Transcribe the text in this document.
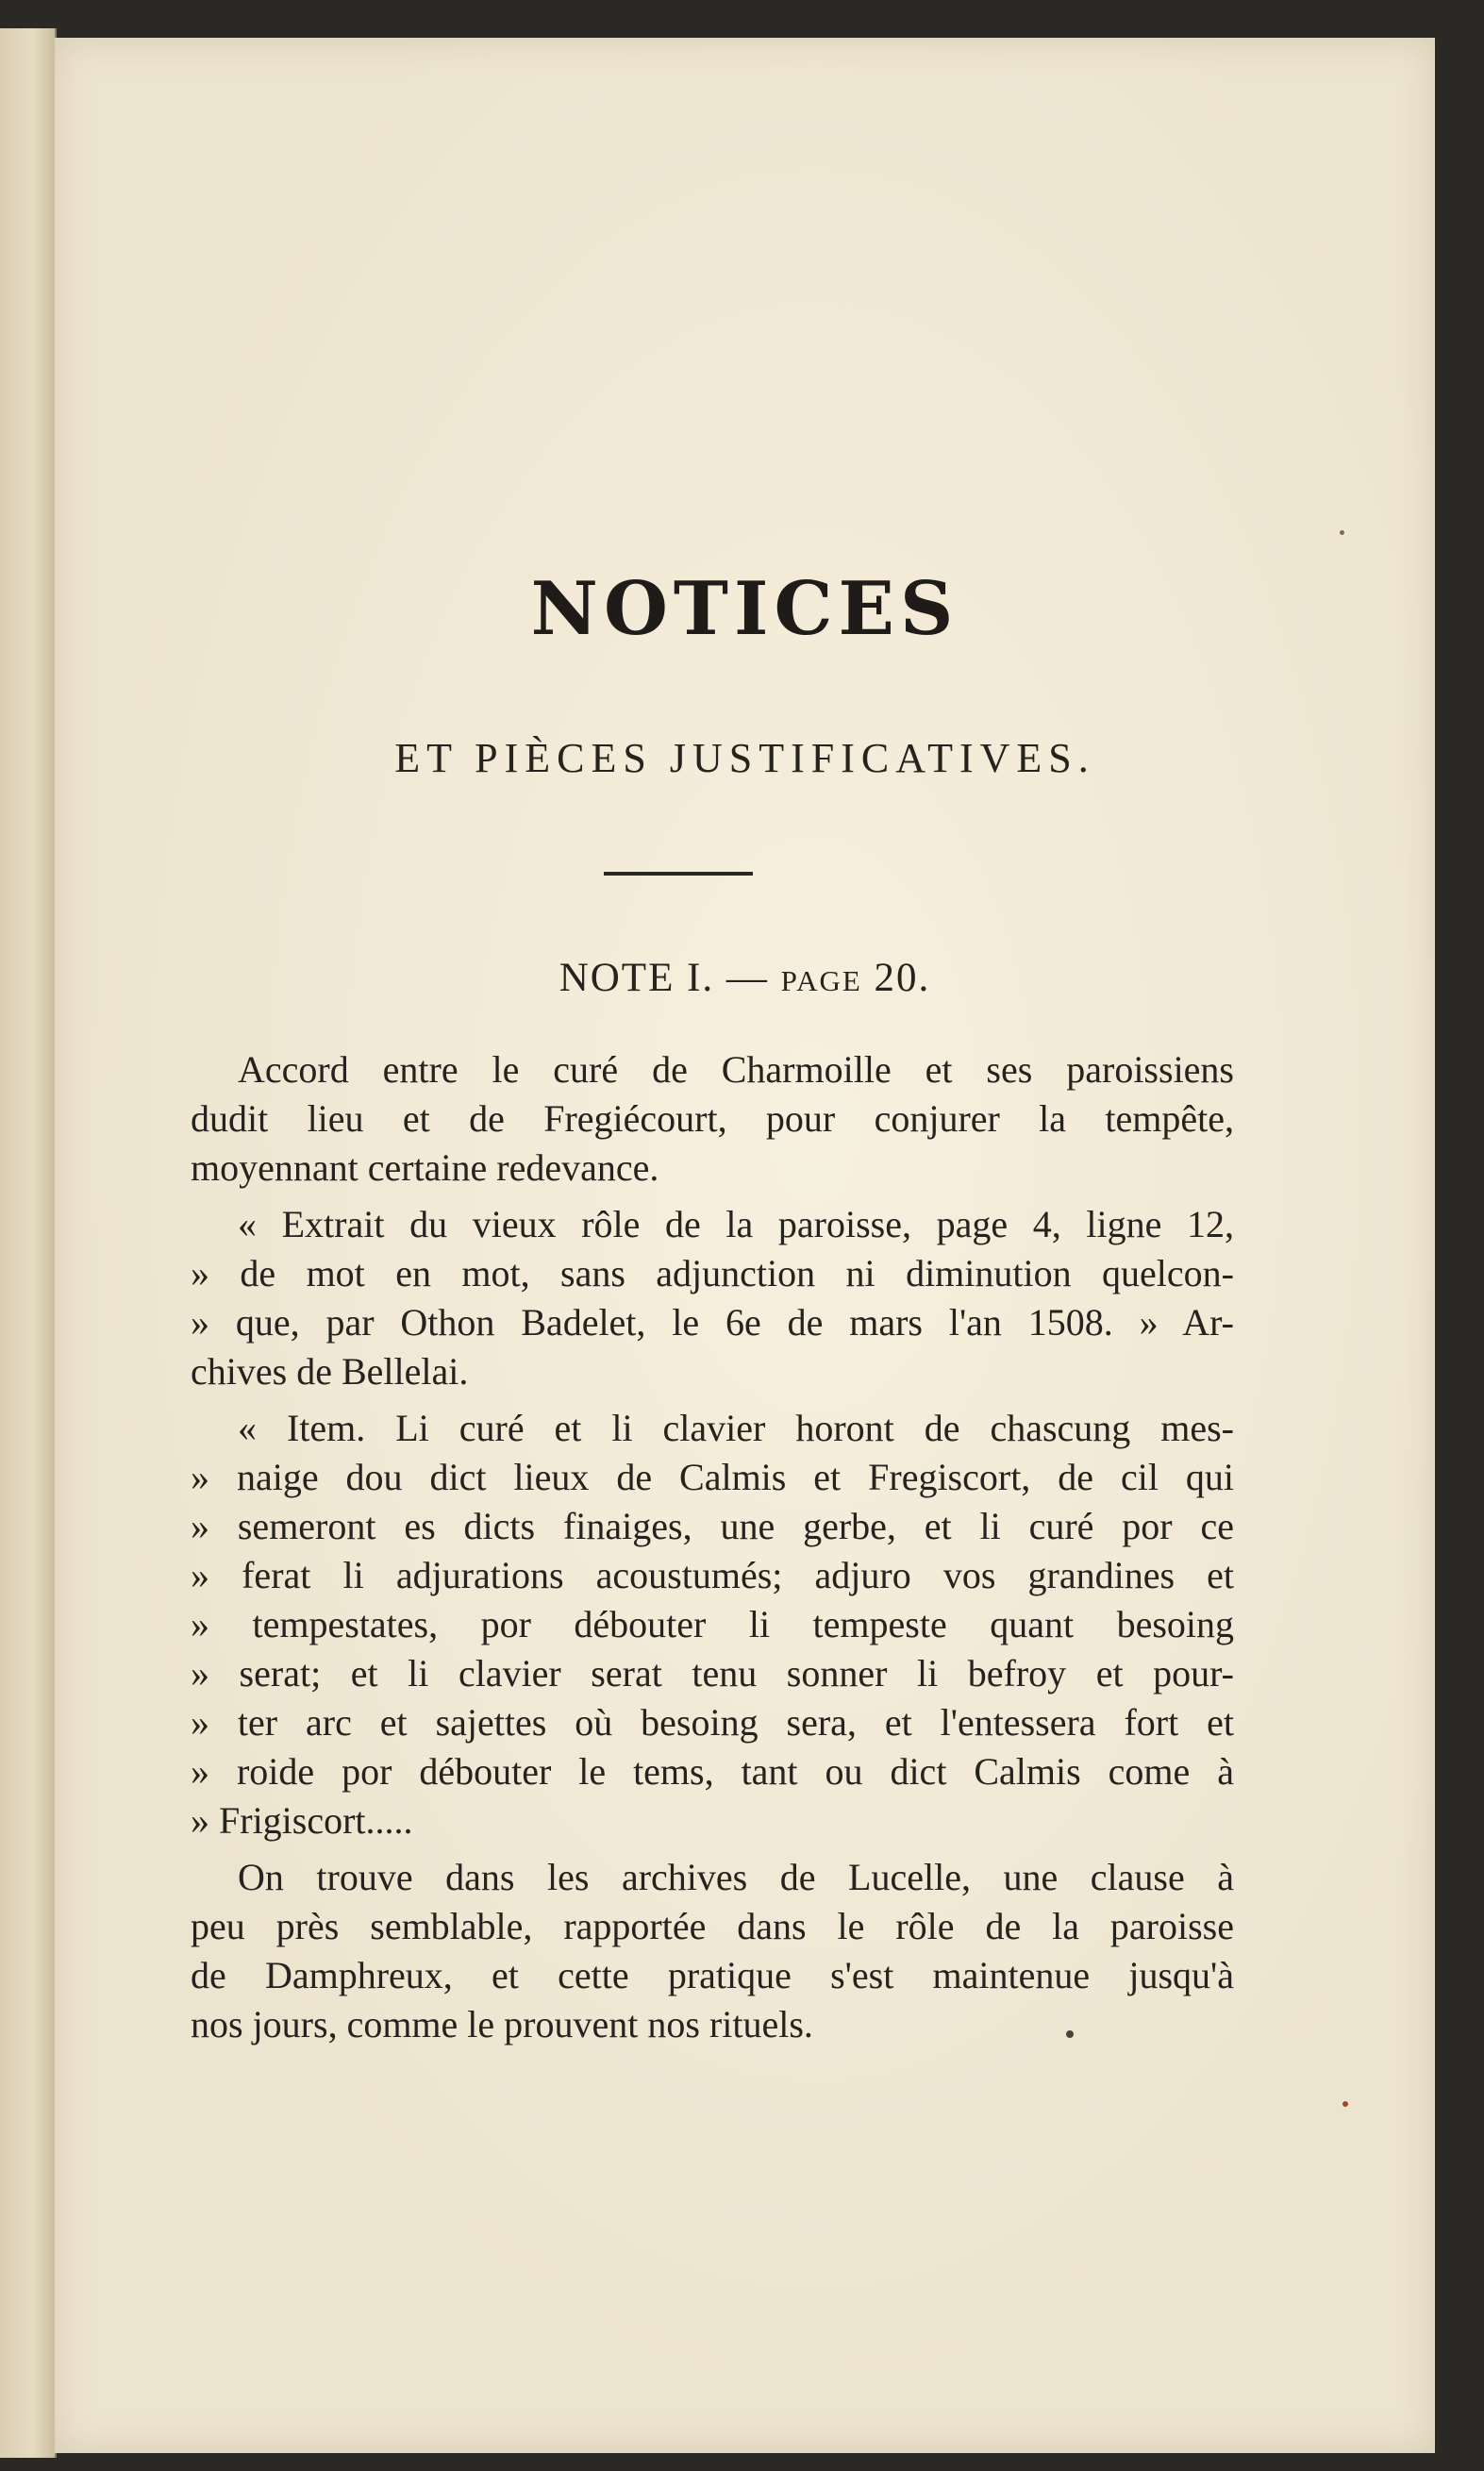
NOTICES
ET PIÈCES JUSTIFICATIVES.
NOTE I. — PAGE 20.

Accord entre le curé de Charmoille et ses paroissiens
dudit lieu et de Fregiécourt, pour conjurer la tempête,
moyennant certaine redevance.

« Extrait du vieux rôle de la paroisse, page 4, ligne 12,
» de mot en mot, sans adjunction ni diminution quelcon-
» que, par Othon Badelet, le 6e de mars l'an 1508. » Ar-
chives de Bellelai.

« Item. Li curé et li clavier horont de chascung mes-
» naige dou dict lieux de Calmis et Fregiscort, de cil qui
» semeront es dicts finaiges, une gerbe, et li curé por ce
» ferat li adjurations acoustumés; adjuro vos grandines et
» tempestates, por débouter li tempeste quant besoing
» serat; et li clavier serat tenu sonner li befroy et pour-
» ter arc et sajettes où besoing sera, et l'entessera fort et
» roide por débouter le tems, tant ou dict Calmis come à
» Frigiscort.....

On trouve dans les archives de Lucelle, une clause à
peu près semblable, rapportée dans le rôle de la paroisse
de Damphreux, et cette pratique s'est maintenue jusqu'à
nos jours, comme le prouvent nos rituels.
